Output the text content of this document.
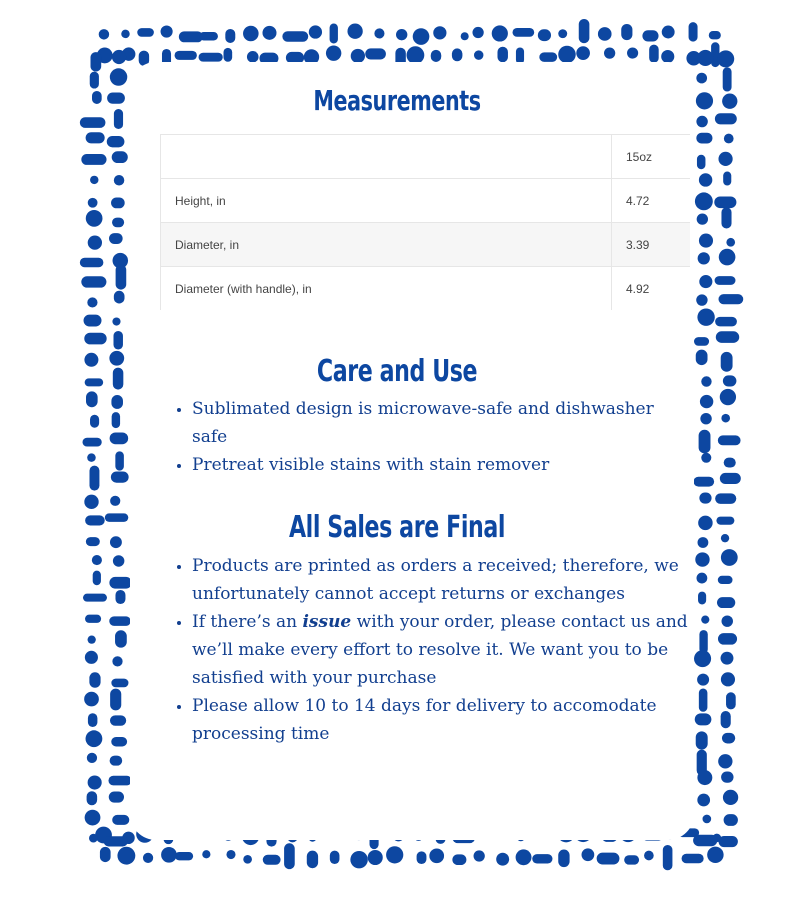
Measurements
	15oz
Height, in	4.72
Diameter, in	3.39
Diameter (with handle), in	4.92
Care and Use
• Sublimated design is microwave-safe and dishwasher safe
• Pretreat visible stains with stain remover
All Sales are Final
• Products are printed as orders a received; therefore, we unfortunately cannot accept returns or exchanges
• If there’s an issue with your order, please contact us and we’ll make every effort to resolve it. We want you to be satisfied with your purchase
• Please allow 10 to 14 days for delivery to accomodate processing time
